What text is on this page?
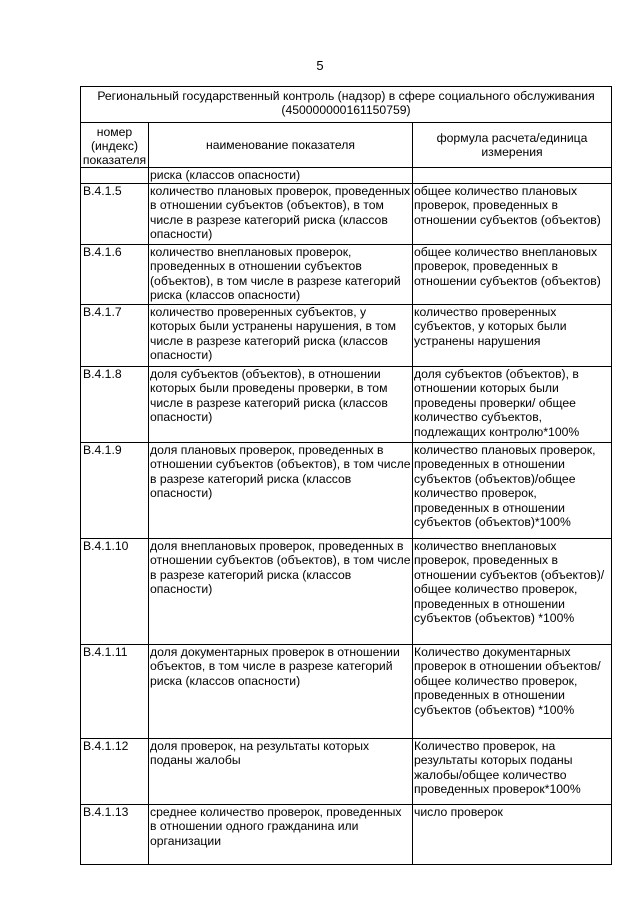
5
Региональный государственный контроль (надзор) в сфере социального обслуживания
(450000000161150759)		
номер (индекс) показателя	наименование показателя	формула расчета/единица измерения
	риска (классов опасности)	
В.4.1.5	количество плановых проверок, проведенных в отношении субъектов (объектов), в том числе в разрезе категорий риска (классов опасности)	общее количество плановых проверок, проведенных в отношении субъектов (объектов)
В.4.1.6	количество внеплановых проверок, проведенных в отношении субъектов (объектов), в том числе в разрезе категорий риска (классов опасности)	общее количество внеплановых проверок, проведенных в отношении субъектов (объектов)
В.4.1.7	количество проверенных субъектов, у которых были устранены нарушения, в том числе в разрезе категорий риска (классов опасности)	количество проверенных субъектов, у которых были устранены нарушения
В.4.1.8	доля субъектов (объектов), в отношении которых были проведены проверки, в том числе в разрезе категорий риска (классов опасности)	доля субъектов (объектов), в отношении которых были проведены проверки/ общее количество субъектов, подлежащих контролю*100%
В.4.1.9	доля плановых проверок, проведенных в отношении субъектов (объектов), в том числе в разрезе категорий риска (классов опасности)	количество плановых проверок, проведенных в отношении субъектов (объектов)/общее количество проверок, проведенных в отношении субъектов (объектов)*100%
В.4.1.10	доля внеплановых проверок, проведенных в отношении субъектов (объектов), в том числе в разрезе категорий риска (классов опасности)	количество внеплановых проверок, проведенных в отношении субъектов (объектов)/общее количество проверок, проведенных в отношении субъектов (объектов) *100%
В.4.1.11	доля документарных проверок в отношении объектов, в том числе в разрезе категорий риска (классов опасности)	Количество документарных проверок в отношении объектов/общее количество проверок, проведенных в отношении субъектов (объектов) *100%
В.4.1.12	доля проверок, на результаты которых поданы жалобы	Количество проверок, на результаты которых поданы жалобы/общее количество проведенных проверок*100%
В.4.1.13	среднее количество проверок, проведенных в отношении одного гражданина или организации	число проверок
